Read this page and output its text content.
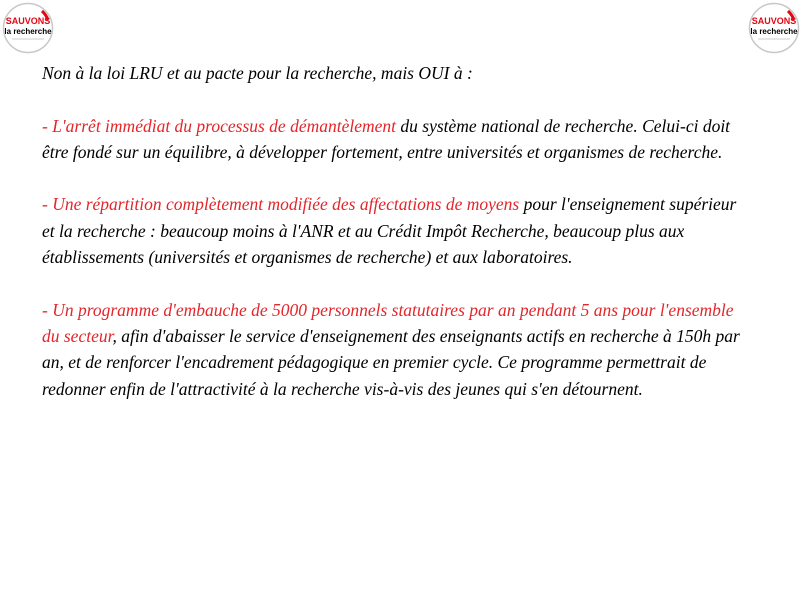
SAUVONS
la recherche
SAUVONS
la recherche

Non à la loi LRU et au pacte pour la recherche, mais OUI à :

- L'arrêt immédiat du processus de démantèlement du système national de recherche. Celui-ci doit être fondé sur un équilibre, à développer fortement, entre universités et organismes de recherche.

- Une répartition complètement modifiée des affectations de moyens pour l'enseignement supérieur et la recherche : beaucoup moins à l'ANR et au Crédit Impôt Recherche, beaucoup plus aux établissements (universités et organismes de recherche) et aux laboratoires.

- Un programme d'embauche de 5000 personnels statutaires par an pendant 5 ans pour l'ensemble du secteur, afin d'abaisser le service d'enseignement des enseignants actifs en recherche à 150h par an, et de renforcer l'encadrement pédagogique en premier cycle. Ce programme permettrait de redonner enfin de l'attractivité à la recherche vis-à-vis des jeunes qui s'en détournent.
